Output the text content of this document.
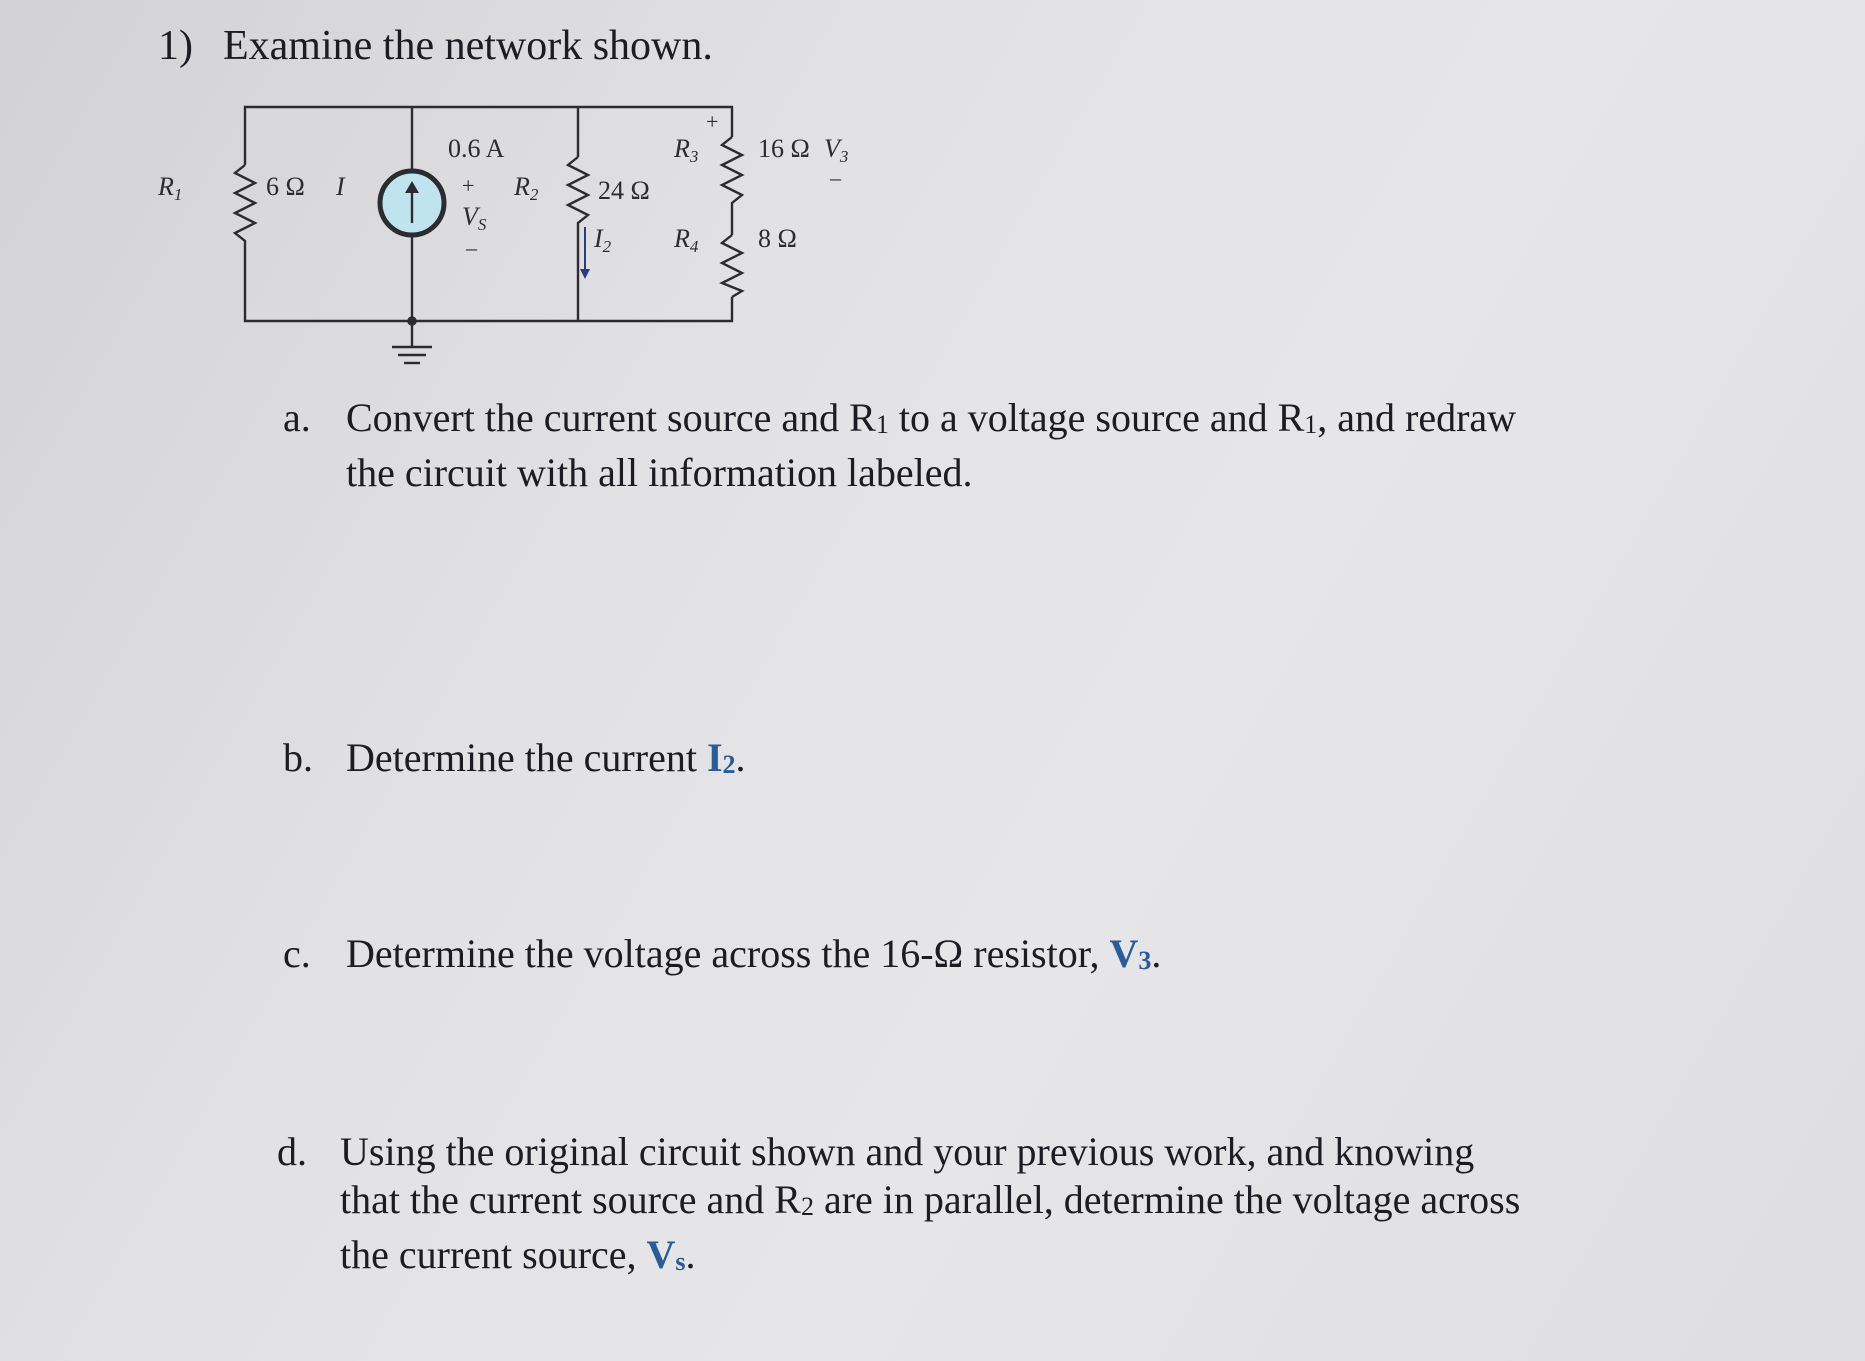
1) Examine the network shown.
R1	6 Ω I
0.6 A
+
VS
–
R2 24 Ω
I2
R3 16 Ω
+
V3
–
R4 8 Ω
a. Convert the current source and $R_1$ to a voltage source and $R_1$, and redraw
the circuit with all information labeled.
b. Determine the current $I_2$.
c. Determine the voltage across the 16-Ω resistor, $V_3$.
d. Using the original circuit shown and your previous work, and knowing
that the current source and $R_2$ are in parallel, determine the voltage across
the current source, $V_s$.
